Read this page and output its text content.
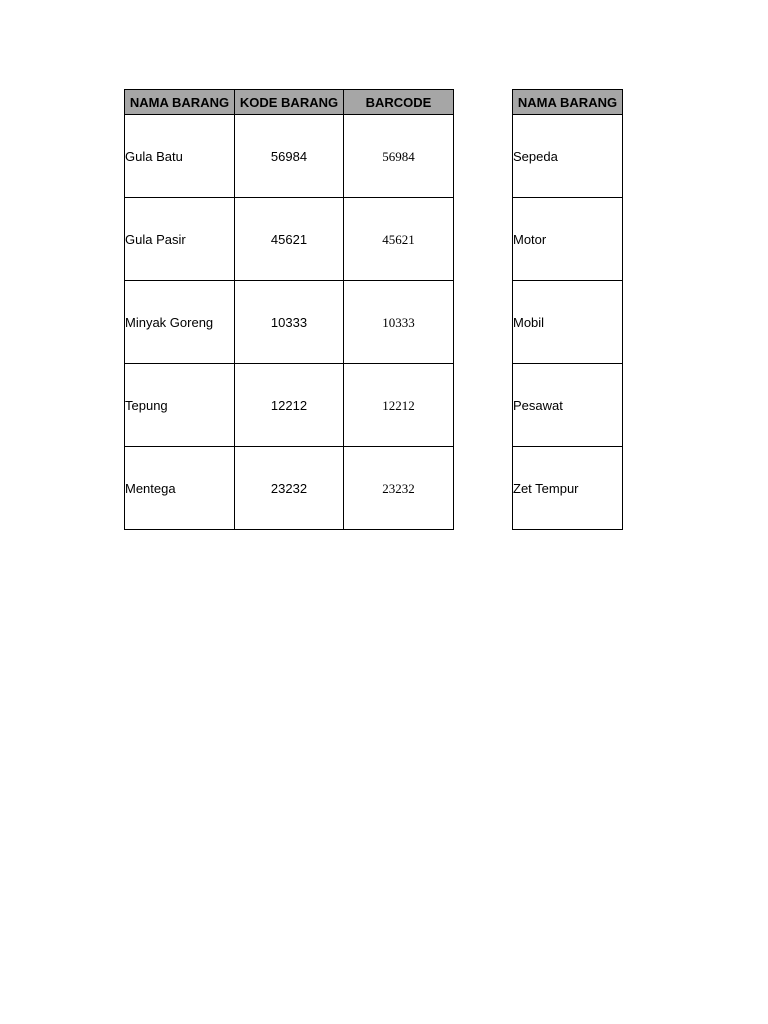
NAMA BARANG	KODE BARANG	BARCODE
Gula Batu	56984	56984
Gula Pasir	45621	45621
Minyak Goreng	10333	10333
Tepung	12212	12212
Mentega	23232	23232
NAMA BARANG
Sepeda
Motor
Mobil
Pesawat
Zet Tempur
